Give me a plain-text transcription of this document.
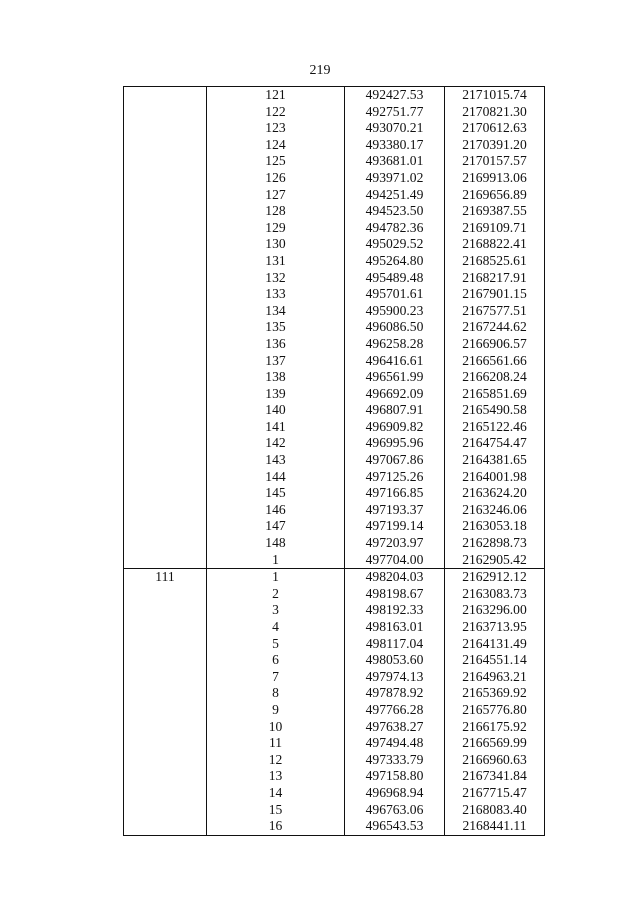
219
	121	492427.53	2171015.74
	122	492751.77	2170821.30
	123	493070.21	2170612.63
	124	493380.17	2170391.20
	125	493681.01	2170157.57
	126	493971.02	2169913.06
	127	494251.49	2169656.89
	128	494523.50	2169387.55
	129	494782.36	2169109.71
	130	495029.52	2168822.41
	131	495264.80	2168525.61
	132	495489.48	2168217.91
	133	495701.61	2167901.15
	134	495900.23	2167577.51
	135	496086.50	2167244.62
	136	496258.28	2166906.57
	137	496416.61	2166561.66
	138	496561.99	2166208.24
	139	496692.09	2165851.69
	140	496807.91	2165490.58
	141	496909.82	2165122.46
	142	496995.96	2164754.47
	143	497067.86	2164381.65
	144	497125.26	2164001.98
	145	497166.85	2163624.20
	146	497193.37	2163246.06
	147	497199.14	2163053.18
	148	497203.97	2162898.73
	1	497704.00	2162905.42
111	1	498204.03	2162912.12
	2	498198.67	2163083.73
	3	498192.33	2163296.00
	4	498163.01	2163713.95
	5	498117.04	2164131.49
	6	498053.60	2164551.14
	7	497974.13	2164963.21
	8	497878.92	2165369.92
	9	497766.28	2165776.80
	10	497638.27	2166175.92
	11	497494.48	2166569.99
	12	497333.79	2166960.63
	13	497158.80	2167341.84
	14	496968.94	2167715.47
	15	496763.06	2168083.40
	16	496543.53	2168441.11
